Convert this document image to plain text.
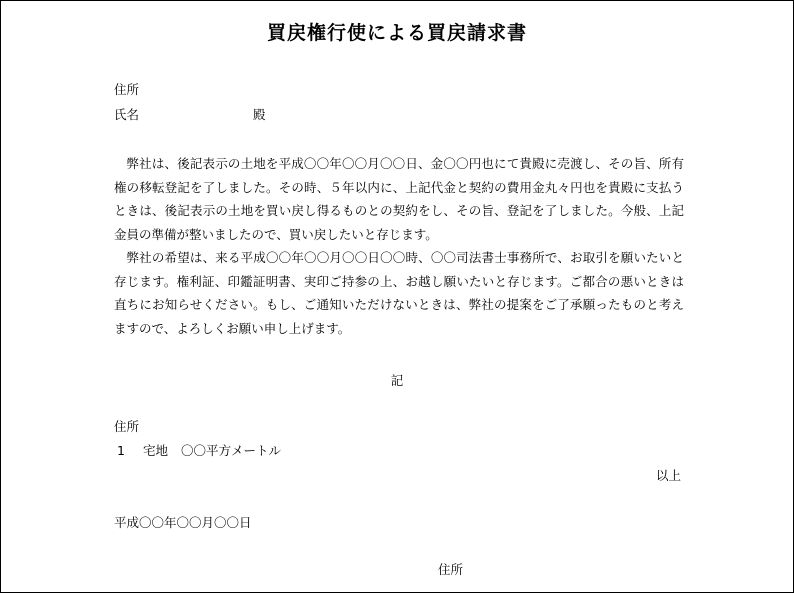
買戻権行使による買戻請求書
住所
氏名	殿

弊社は、後記表示の土地を平成〇〇年〇〇月〇〇日、金〇〇円也にて貴殿に売渡し、その旨、所有権の移転登記を了しました。その時、５年以内に、上記代金と契約の費用金丸々円也を貴殿に支払うときは、後記表示の土地を買い戻し得るものとの契約をし、その旨、登記を了しました。今般、上記金員の準備が整いましたので、買い戻したいと存じます。

弊社の希望は、来る平成〇〇年〇〇月〇〇日〇〇時、〇〇司法書士事務所で、お取引を願いたいと存じます。権利証、印鑑証明書、実印ご持参の上、お越し願いたいと存じます。ご都合の悪いときは直ちにお知らせください。もし、ご通知いただけないときは、弊社の提案をご了承願ったものと考えますので、よろしくお願い申し上げます。

記
住所
1 宅地 〇〇平方メートル
以上
平成〇〇年〇〇月〇〇日
住所
